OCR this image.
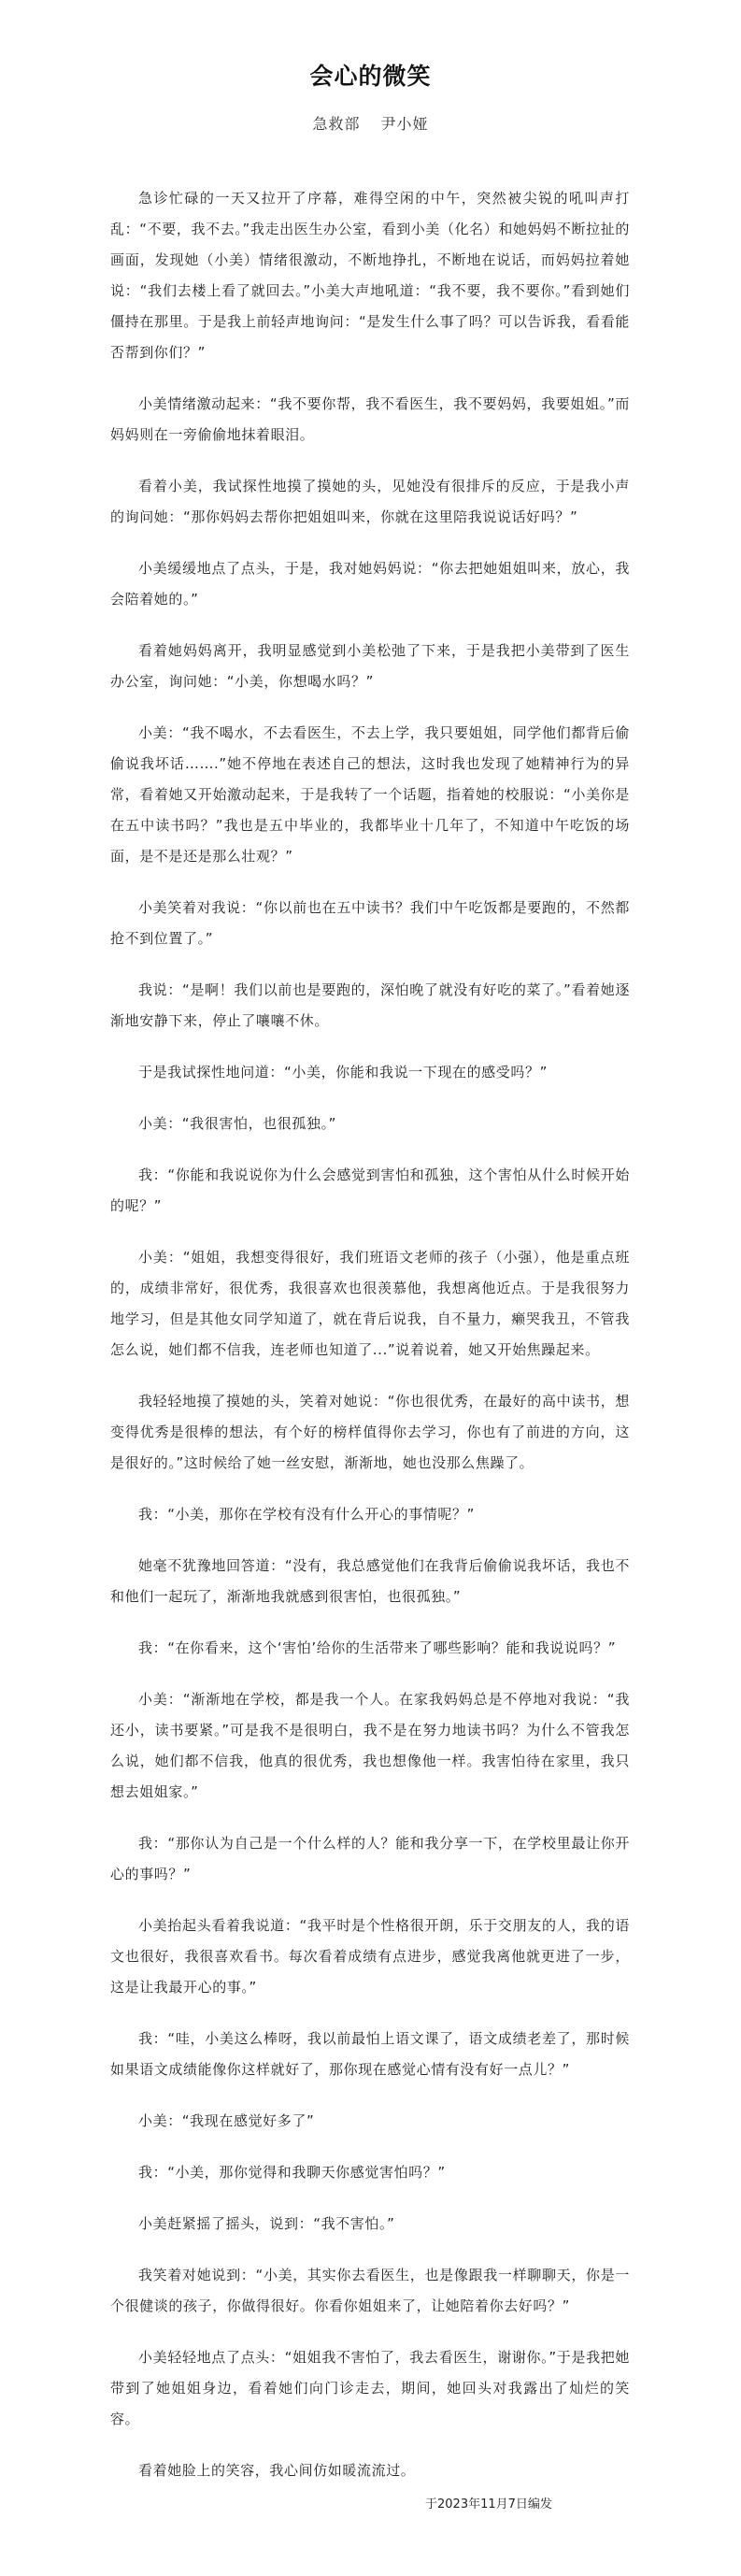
会心的微笑
急救部 尹小娅

急诊忙碌的一天又拉开了序幕，难得空闲的中午，突然被尖锐的吼叫声打乱：“不要，我不去。”我走出医生办公室，看到小美（化名）和她妈妈不断拉扯的画面，发现她（小美）情绪很激动，不断地挣扎，不断地在说话，而妈妈拉着她说：“我们去楼上看了就回去。”小美大声地吼道：“我不要，我不要你。”看到她们僵持在那里。于是我上前轻声地询问：“是发生什么事了吗？可以告诉我，看看能否帮到你们？”

小美情绪激动起来：“我不要你帮，我不看医生，我不要妈妈，我要姐姐。”而妈妈则在一旁偷偷地抹着眼泪。

看着小美，我试探性地摸了摸她的头，见她没有很排斥的反应，于是我小声的询问她：“那你妈妈去帮你把姐姐叫来，你就在这里陪我说说话好吗？”

小美缓缓地点了点头，于是，我对她妈妈说：“你去把她姐姐叫来，放心，我会陪着她的。”

看着她妈妈离开，我明显感觉到小美松弛了下来，于是我把小美带到了医生办公室，询问她：“小美，你想喝水吗？”

小美：“我不喝水，不去看医生，不去上学，我只要姐姐，同学他们都背后偷偷说我坏话…….”她不停地在表述自己的想法，这时我也发现了她精神行为的异常，看着她又开始激动起来，于是我转了一个话题，指着她的校服说：“小美你是在五中读书吗？”我也是五中毕业的，我都毕业十几年了，不知道中午吃饭的场面，是不是还是那么壮观？”

小美笑着对我说：“你以前也在五中读书？我们中午吃饭都是要跑的，不然都抢不到位置了。”

我说：“是啊！我们以前也是要跑的，深怕晚了就没有好吃的菜了。”看着她逐渐地安静下来，停止了嚷嚷不休。

于是我试探性地问道：“小美，你能和我说一下现在的感受吗？”

小美：“我很害怕，也很孤独。”

我：“你能和我说说你为什么会感觉到害怕和孤独，这个害怕从什么时候开始的呢？”

小美：“姐姐，我想变得很好，我们班语文老师的孩子（小强），他是重点班的，成绩非常好，很优秀，我很喜欢也很羡慕他，我想离他近点。于是我很努力地学习，但是其他女同学知道了，就在背后说我，自不量力，癞哭我丑，不管我怎么说，她们都不信我，连老师也知道了...”说着说着，她又开始焦躁起来。

我轻轻地摸了摸她的头，笑着对她说：“你也很优秀，在最好的高中读书，想变得优秀是很棒的想法，有个好的榜样值得你去学习，你也有了前进的方向，这是很好的。”这时候给了她一丝安慰，渐渐地，她也没那么焦躁了。

我：“小美，那你在学校有没有什么开心的事情呢？”

她毫不犹豫地回答道：“没有，我总感觉他们在我背后偷偷说我坏话，我也不和他们一起玩了，渐渐地我就感到很害怕，也很孤独。”

我：“在你看来，这个‘害怕’给你的生活带来了哪些影响？能和我说说吗？”

小美：“渐渐地在学校，都是我一个人。在家我妈妈总是不停地对我说：“我还小，读书要紧。”可是我不是很明白，我不是在努力地读书吗？为什么不管我怎么说，她们都不信我，他真的很优秀，我也想像他一样。我害怕待在家里，我只想去姐姐家。”

我：“那你认为自己是一个什么样的人？能和我分享一下，在学校里最让你开心的事吗？”

小美抬起头看着我说道：“我平时是个性格很开朗，乐于交朋友的人，我的语文也很好，我很喜欢看书。每次看着成绩有点进步，感觉我离他就更进了一步，这是让我最开心的事。”

我：“哇，小美这么棒呀，我以前最怕上语文课了，语文成绩老差了，那时候如果语文成绩能像你这样就好了，那你现在感觉心情有没有好一点儿？”

小美：“我现在感觉好多了”

我：“小美，那你觉得和我聊天你感觉害怕吗？”

小美赶紧摇了摇头，说到：“我不害怕。”

我笑着对她说到：“小美，其实你去看医生，也是像跟我一样聊聊天，你是一个很健谈的孩子，你做得很好。你看你姐姐来了，让她陪着你去好吗？”

小美轻轻地点了点头：“姐姐我不害怕了，我去看医生，谢谢你。”于是我把她带到了她姐姐身边，看着她们向门诊走去，期间，她回头对我露出了灿烂的笑容。

看着她脸上的笑容，我心间仿如暖流流过。

于2023年11月7日编发
